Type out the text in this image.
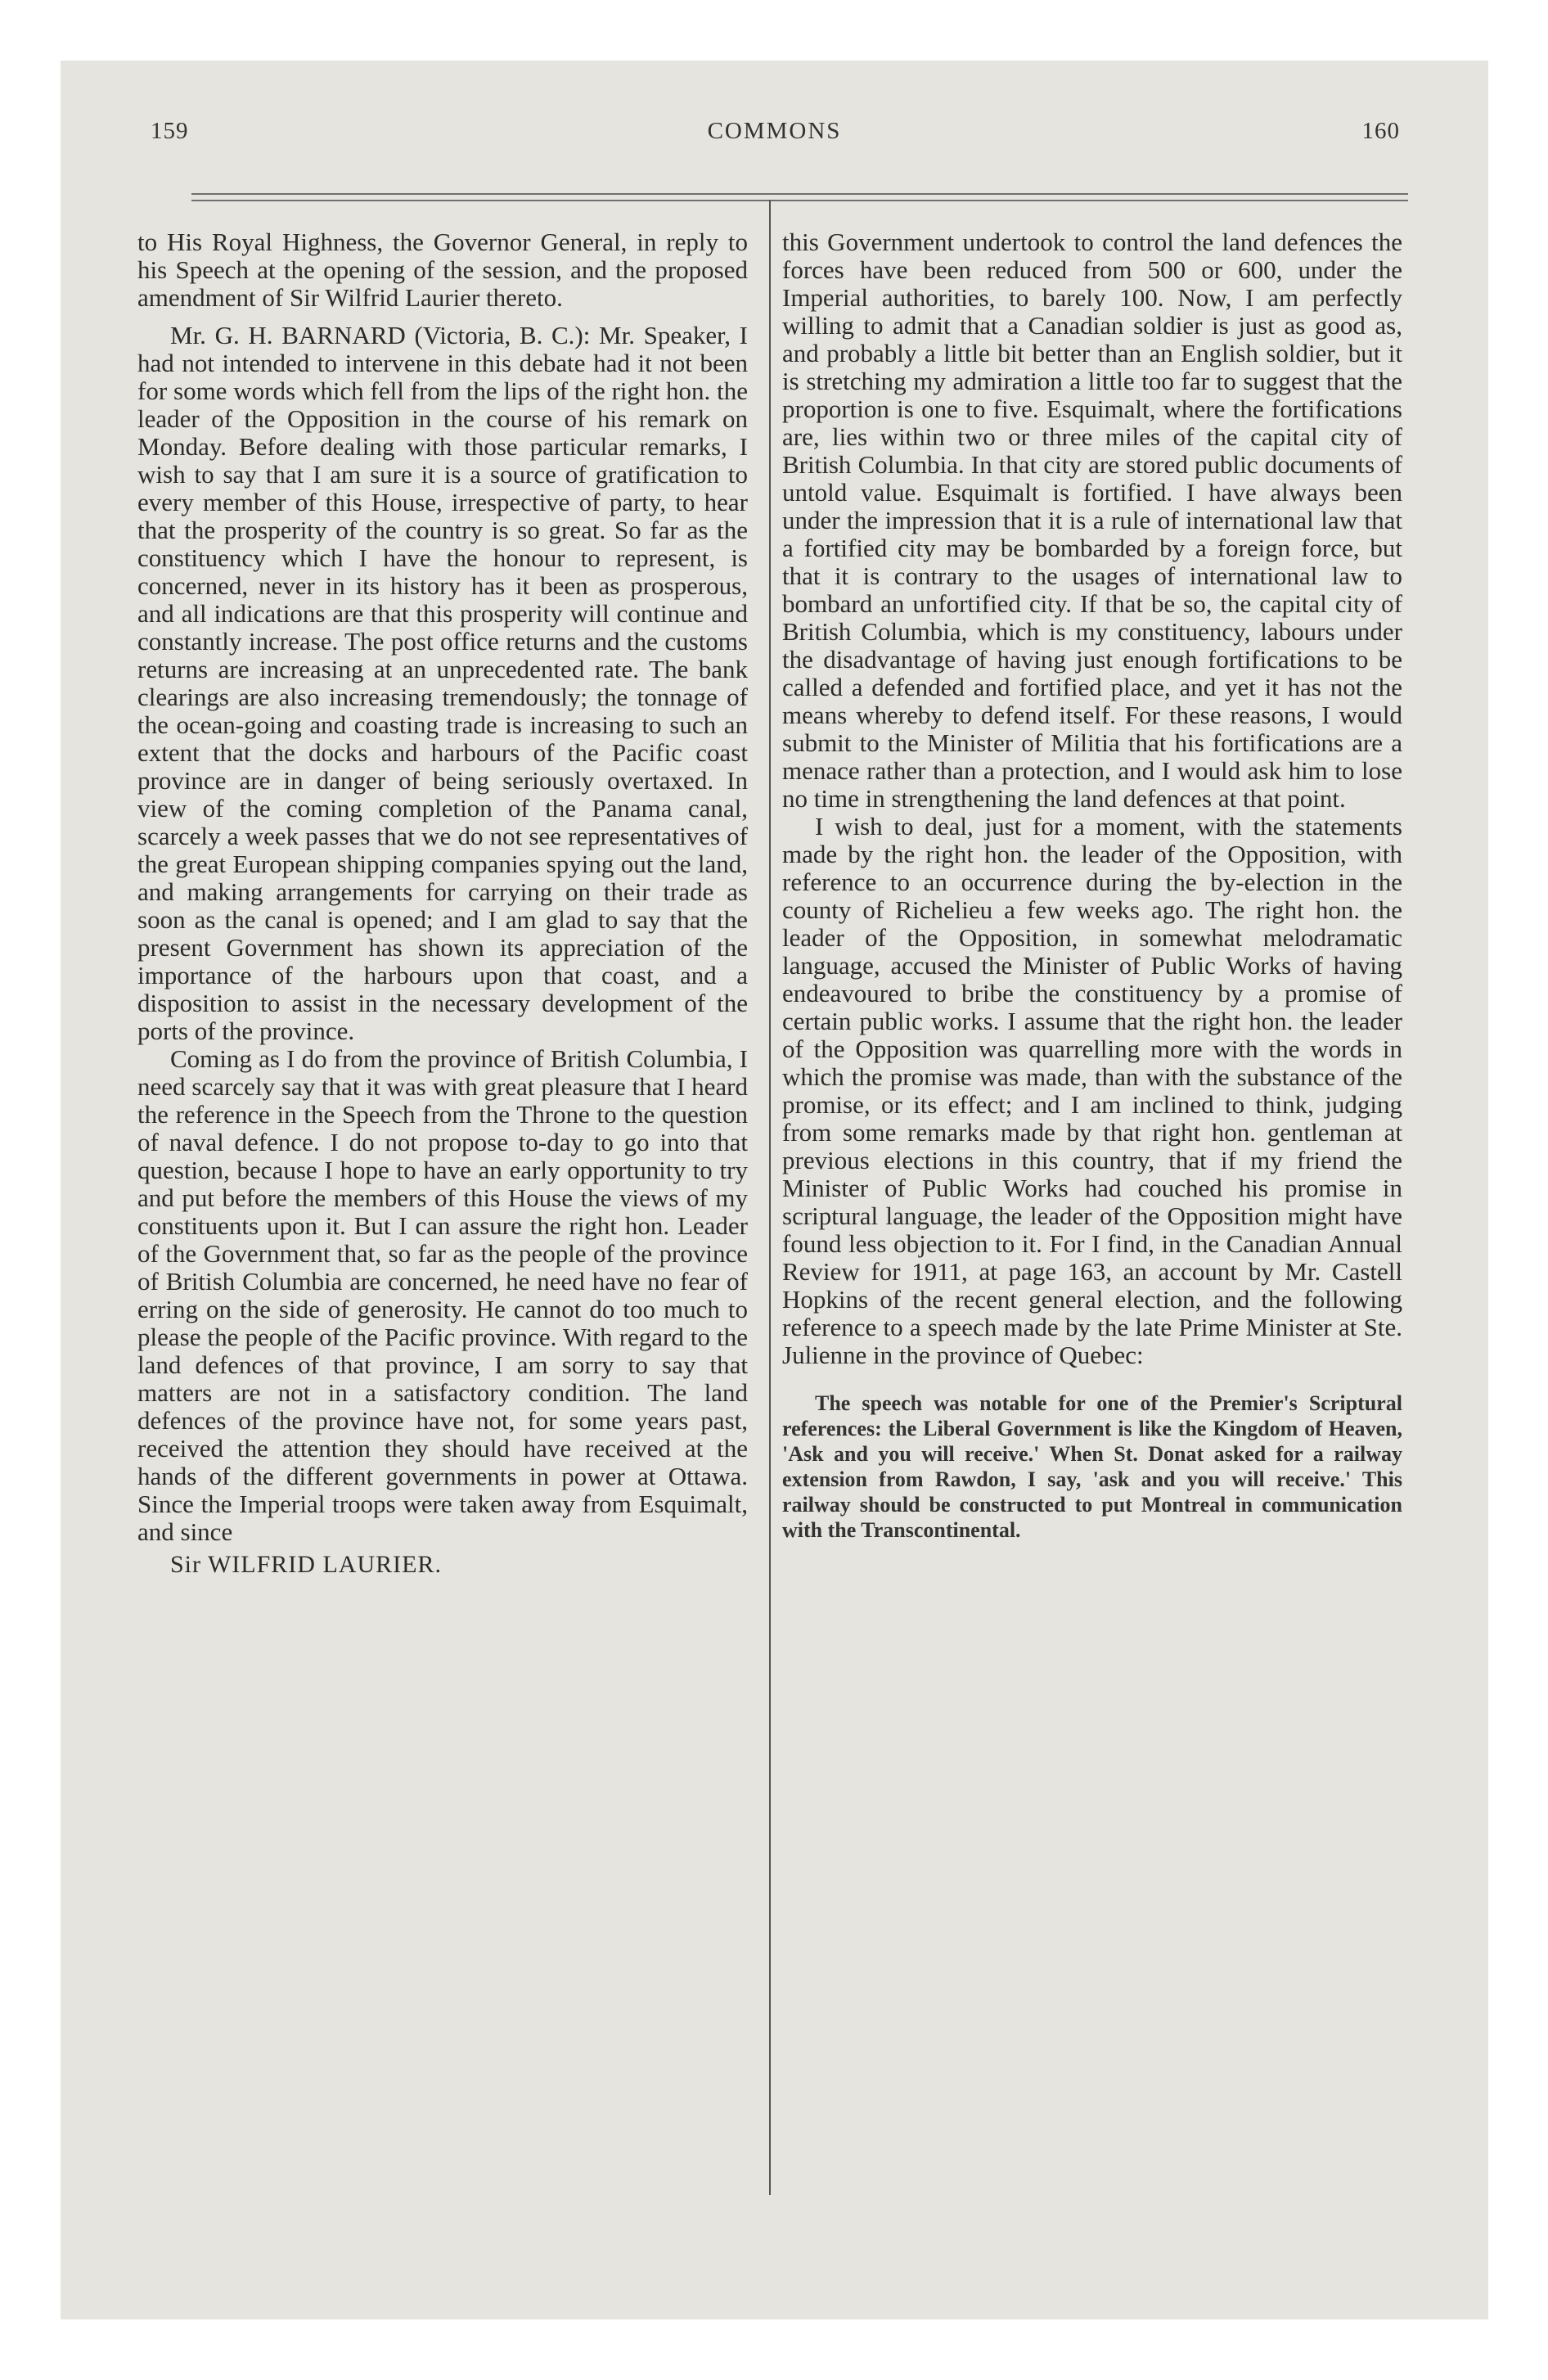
159	COMMONS	160

to His Royal Highness, the Governor General, in reply to his Speech at the opening of the session, and the proposed amendment of Sir Wilfrid Laurier thereto.

Mr. G. H. BARNARD (Victoria, B. C.): Mr. Speaker, I had not intended to intervene in this debate had it not been for some words which fell from the lips of the right hon. the leader of the Opposition in the course of his remark on Monday. Before dealing with those particular remarks, I wish to say that I am sure it is a source of gratification to every member of this House, irrespective of party, to hear that the prosperity of the country is so great. So far as the constituency which I have the honour to represent, is concerned, never in its history has it been as prosperous, and all indications are that this prosperity will continue and constantly increase. The post office returns and the customs returns are increasing at an unprecedented rate. The bank clearings are also increasing tremendously; the tonnage of the ocean-going and coasting trade is increasing to such an extent that the docks and harbours of the Pacific coast province are in danger of being seriously overtaxed. In view of the coming completion of the Panama canal, scarcely a week passes that we do not see representatives of the great European shipping companies spying out the land, and making arrangements for carrying on their trade as soon as the canal is opened; and I am glad to say that the present Government has shown its appreciation of the importance of the harbours upon that coast, and a disposition to assist in the necessary development of the ports of the province.

Coming as I do from the province of British Columbia, I need scarcely say that it was with great pleasure that I heard the reference in the Speech from the Throne to the question of naval defence. I do not propose to-day to go into that question, because I hope to have an early opportunity to try and put before the members of this House the views of my constituents upon it. But I can assure the right hon. Leader of the Government that, so far as the people of the province of British Columbia are concerned, he need have no fear of erring on the side of generosity. He cannot do too much to please the people of the Pacific province. With regard to the land defences of that province, I am sorry to say that matters are not in a satisfactory condition. The land defences of the province have not, for some years past, received the attention they should have received at the hands of the different governments in power at Ottawa. Since the Imperial troops were taken away from Esquimalt, and since

Sir WILFRID LAURIER.

this Government undertook to control the land defences the forces have been reduced from 500 or 600, under the Imperial authorities, to barely 100. Now, I am perfectly willing to admit that a Canadian soldier is just as good as, and probably a little bit better than an English soldier, but it is stretching my admiration a little too far to suggest that the proportion is one to five. Esquimalt, where the fortifications are, lies within two or three miles of the capital city of British Columbia. In that city are stored public documents of untold value. Esquimalt is fortified. I have always been under the impression that it is a rule of international law that a fortified city may be bombarded by a foreign force, but that it is contrary to the usages of international law to bombard an unfortified city. If that be so, the capital city of British Columbia, which is my constituency, labours under the disadvantage of having just enough fortifications to be called a defended and fortified place, and yet it has not the means whereby to defend itself. For these reasons, I would submit to the Minister of Militia that his fortifications are a menace rather than a protection, and I would ask him to lose no time in strengthening the land defences at that point.

I wish to deal, just for a moment, with the statements made by the right hon. the leader of the Opposition, with reference to an occurrence during the by-election in the county of Richelieu a few weeks ago. The right hon. the leader of the Opposition, in somewhat melodramatic language, accused the Minister of Public Works of having endeavoured to bribe the constituency by a promise of certain public works. I assume that the right hon. the leader of the Opposition was quarrelling more with the words in which the promise was made, than with the substance of the promise, or its effect; and I am inclined to think, judging from some remarks made by that right hon. gentleman at previous elections in this country, that if my friend the Minister of Public Works had couched his promise in scriptural language, the leader of the Opposition might have found less objection to it. For I find, in the Canadian Annual Review for 1911, at page 163, an account by Mr. Castell Hopkins of the recent general election, and the following reference to a speech made by the late Prime Minister at Ste. Julienne in the province of Quebec:

The speech was notable for one of the Premier's Scriptural references: the Liberal Government is like the Kingdom of Heaven, 'Ask and you will receive.' When St. Donat asked for a railway extension from Rawdon, I say, 'ask and you will receive.' This railway should be constructed to put Montreal in communication with the Transcontinental.
